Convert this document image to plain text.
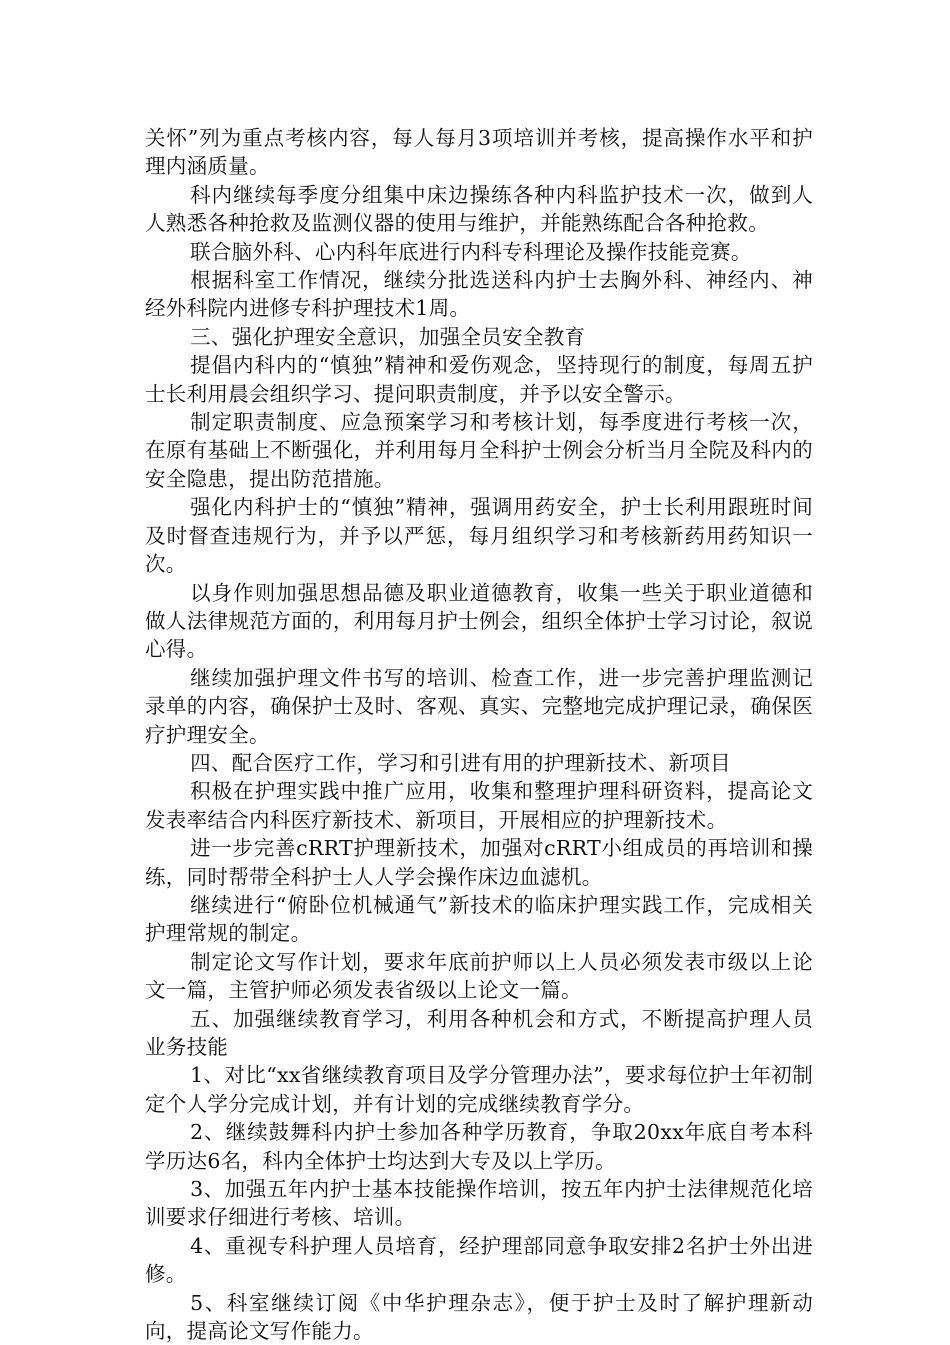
关怀”列为重点考核内容，每人每月3项培训并考核，提高操作水平和护理内涵质量。

科内继续每季度分组集中床边操练各种内科监护技术一次，做到人人熟悉各种抢救及监测仪器的使用与维护，并能熟练配合各种抢救。

联合脑外科、心内科年底进行内科专科理论及操作技能竞赛。

根据科室工作情况，继续分批选送科内护士去胸外科、神经内、神经外科院内进修专科护理技术1周。

三、强化护理安全意识，加强全员安全教育

提倡内科内的“慎独”精神和爱伤观念，坚持现行的制度，每周五护士长利用晨会组织学习、提问职责制度，并予以安全警示。

制定职责制度、应急预案学习和考核计划，每季度进行考核一次，在原有基础上不断强化，并利用每月全科护士例会分析当月全院及科内的安全隐患，提出防范措施。

强化内科护士的“慎独”精神，强调用药安全，护士长利用跟班时间及时督查违规行为，并予以严惩，每月组织学习和考核新药用药知识一次。

以身作则加强思想品德及职业道德教育，收集一些关于职业道德和做人法律规范方面的，利用每月护士例会，组织全体护士学习讨论，叙说心得。

继续加强护理文件书写的培训、检查工作，进一步完善护理监测记录单的内容，确保护士及时、客观、真实、完整地完成护理记录，确保医疗护理安全。

四、配合医疗工作，学习和引进有用的护理新技术、新项目

积极在护理实践中推广应用，收集和整理护理科研资料，提高论文发表率结合内科医疗新技术、新项目，开展相应的护理新技术。

进一步完善cRRT护理新技术，加强对cRRT小组成员的再培训和操练，同时帮带全科护士人人学会操作床边血滤机。

继续进行“俯卧位机械通气”新技术的临床护理实践工作，完成相关护理常规的制定。

制定论文写作计划，要求年底前护师以上人员必须发表市级以上论文一篇，主管护师必须发表省级以上论文一篇。

五、加强继续教育学习，利用各种机会和方式，不断提高护理人员业务技能

1、对比“xx省继续教育项目及学分管理办法”，要求每位护士年初制定个人学分完成计划，并有计划的完成继续教育学分。

2、继续鼓舞科内护士参加各种学历教育，争取20xx年底自考本科学历达6名，科内全体护士均达到大专及以上学历。

3、加强五年内护士基本技能操作培训，按五年内护士法律规范化培训要求仔细进行考核、培训。

4、重视专科护理人员培育，经护理部同意争取安排2名护士外出进修。

5、科室继续订阅《中华护理杂志》，便于护士及时了解护理新动向，提高论文写作能力。
